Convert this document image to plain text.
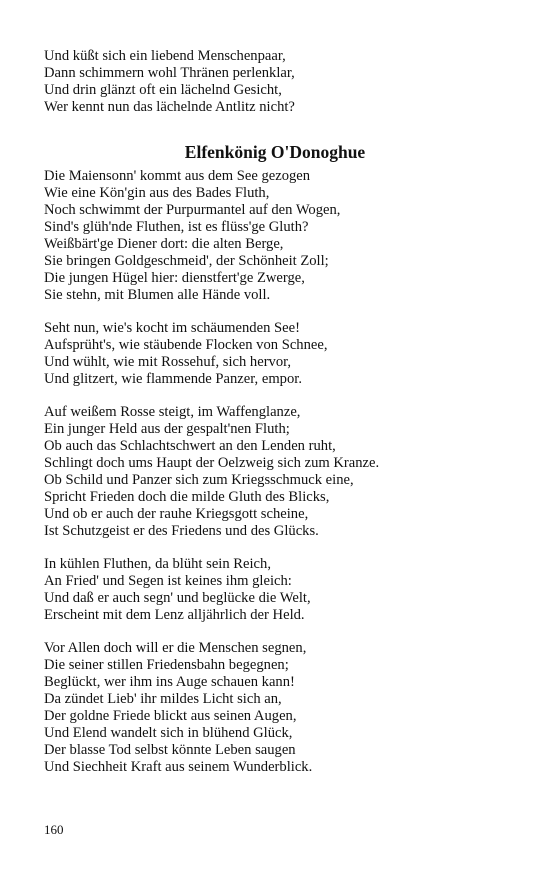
Und küßt sich ein liebend Menschenpaar,
Dann schimmern wohl Thränen perlenklar,
Und drin glänzt oft ein lächelnd Gesicht,
Wer kennt nun das lächelnde Antlitz nicht?
Elfenkönig O'Donoghue
Die Maiensonn' kommt aus dem See gezogen
Wie eine Kön'gin aus des Bades Fluth,
Noch schwimmt der Purpurmantel auf den Wogen,
Sind's glüh'nde Fluthen, ist es flüss'ge Gluth?
Weißbärt'ge Diener dort: die alten Berge,
Sie bringen Goldgeschmeid', der Schönheit Zoll;
Die jungen Hügel hier: dienstfert'ge Zwerge,
Sie stehn, mit Blumen alle Hände voll.
Seht nun, wie's kocht im schäumenden See!
Aufsprüht's, wie stäubende Flocken von Schnee,
Und wühlt, wie mit Rossehuf, sich hervor,
Und glitzert, wie flammende Panzer, empor.
Auf weißem Rosse steigt, im Waffenglanze,
Ein junger Held aus der gespalt'nen Fluth;
Ob auch das Schlachtschwert an den Lenden ruht,
Schlingt doch ums Haupt der Oelzweig sich zum Kranze.
Ob Schild und Panzer sich zum Kriegsschmuck eine,
Spricht Frieden doch die milde Gluth des Blicks,
Und ob er auch der rauhe Kriegsgott scheine,
Ist Schutzgeist er des Friedens und des Glücks.
In kühlen Fluthen, da blüht sein Reich,
An Fried' und Segen ist keines ihm gleich:
Und daß er auch segn' und beglücke die Welt,
Erscheint mit dem Lenz alljährlich der Held.
Vor Allen doch will er die Menschen segnen,
Die seiner stillen Friedensbahn begegnen;
Beglückt, wer ihm ins Auge schauen kann!
Da zündet Lieb' ihr mildes Licht sich an,
Der goldne Friede blickt aus seinen Augen,
Und Elend wandelt sich in blühend Glück,
Der blasse Tod selbst könnte Leben saugen
Und Siechheit Kraft aus seinem Wunderblick.
160
